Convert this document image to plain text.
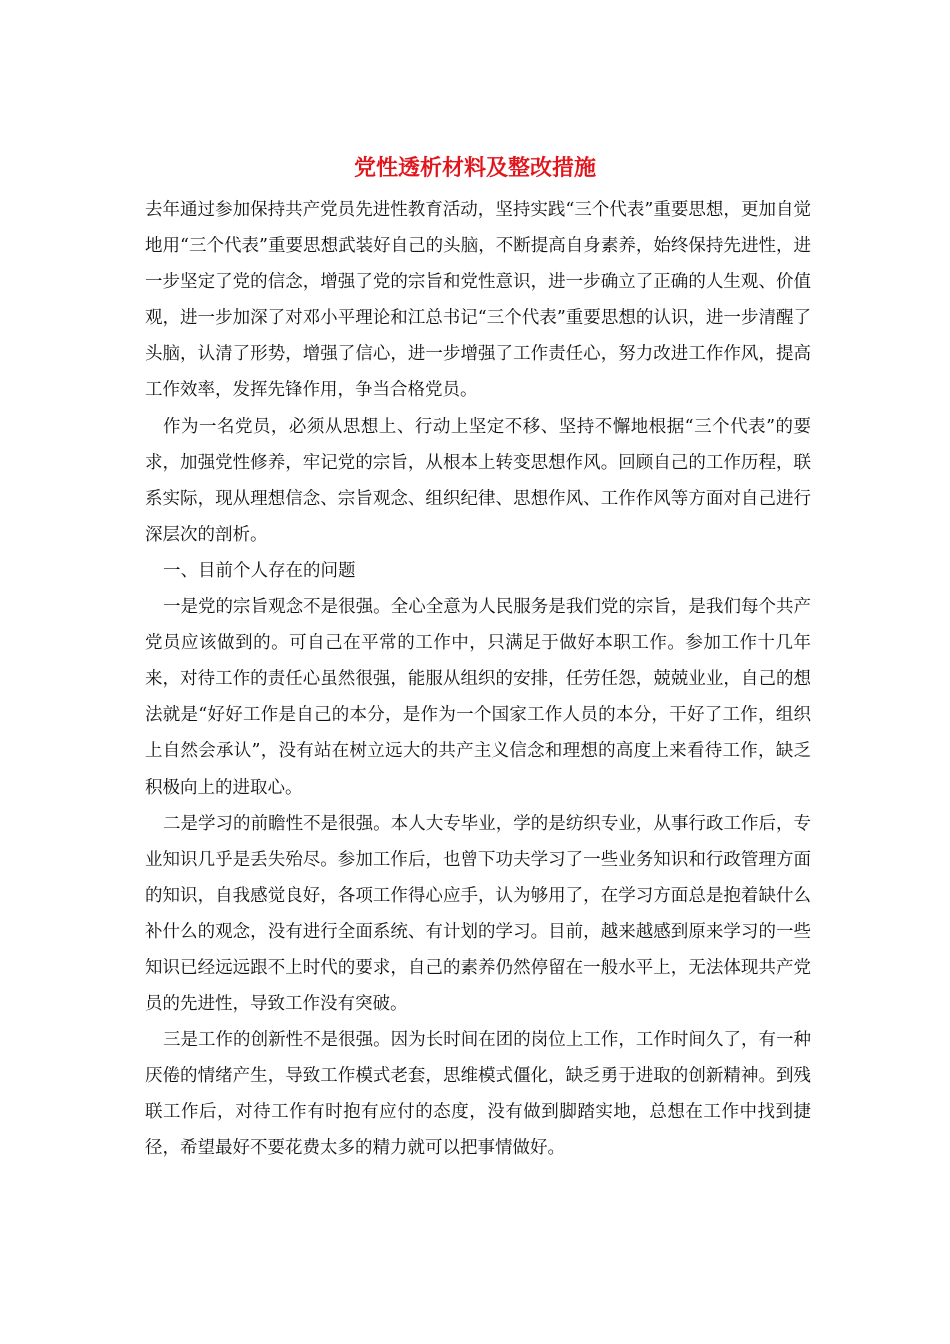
党性透析材料及整改措施

去年通过参加保持共产党员先进性教育活动，坚持实践“三个代表”重要思想，更加自觉地用“三个代表”重要思想武装好自己的头脑，不断提高自身素养，始终保持先进性，进一步坚定了党的信念，增强了党的宗旨和党性意识，进一步确立了正确的人生观、价值观，进一步加深了对邓小平理论和江总书记“三个代表”重要思想的认识，进一步清醒了头脑，认清了形势，增强了信心，进一步增强了工作责任心，努力改进工作作风，提高工作效率，发挥先锋作用，争当合格党员。

作为一名党员，必须从思想上、行动上坚定不移、坚持不懈地根据“三个代表”的要求，加强党性修养，牢记党的宗旨，从根本上转变思想作风。回顾自己的工作历程，联系实际，现从理想信念、宗旨观念、组织纪律、思想作风、工作作风等方面对自己进行深层次的剖析。

一、目前个人存在的问题

一是党的宗旨观念不是很强。全心全意为人民服务是我们党的宗旨，是我们每个共产党员应该做到的。可自己在平常的工作中，只满足于做好本职工作。参加工作十几年来，对待工作的责任心虽然很强，能服从组织的安排，任劳任怨，兢兢业业，自己的想法就是“好好工作是自己的本分，是作为一个国家工作人员的本分，干好了工作，组织上自然会承认”，没有站在树立远大的共产主义信念和理想的高度上来看待工作，缺乏积极向上的进取心。

二是学习的前瞻性不是很强。本人大专毕业，学的是纺织专业，从事行政工作后，专业知识几乎是丢失殆尽。参加工作后，也曾下功夫学习了一些业务知识和行政管理方面的知识，自我感觉良好，各项工作得心应手，认为够用了，在学习方面总是抱着缺什么补什么的观念，没有进行全面系统、有计划的学习。目前，越来越感到原来学习的一些知识已经远远跟不上时代的要求，自己的素养仍然停留在一般水平上，无法体现共产党员的先进性，导致工作没有突破。

三是工作的创新性不是很强。因为长时间在团的岗位上工作，工作时间久了，有一种厌倦的情绪产生，导致工作模式老套，思维模式僵化，缺乏勇于进取的创新精神。到残联工作后，对待工作有时抱有应付的态度，没有做到脚踏实地，总想在工作中找到捷径，希望最好不要花费太多的精力就可以把事情做好。
